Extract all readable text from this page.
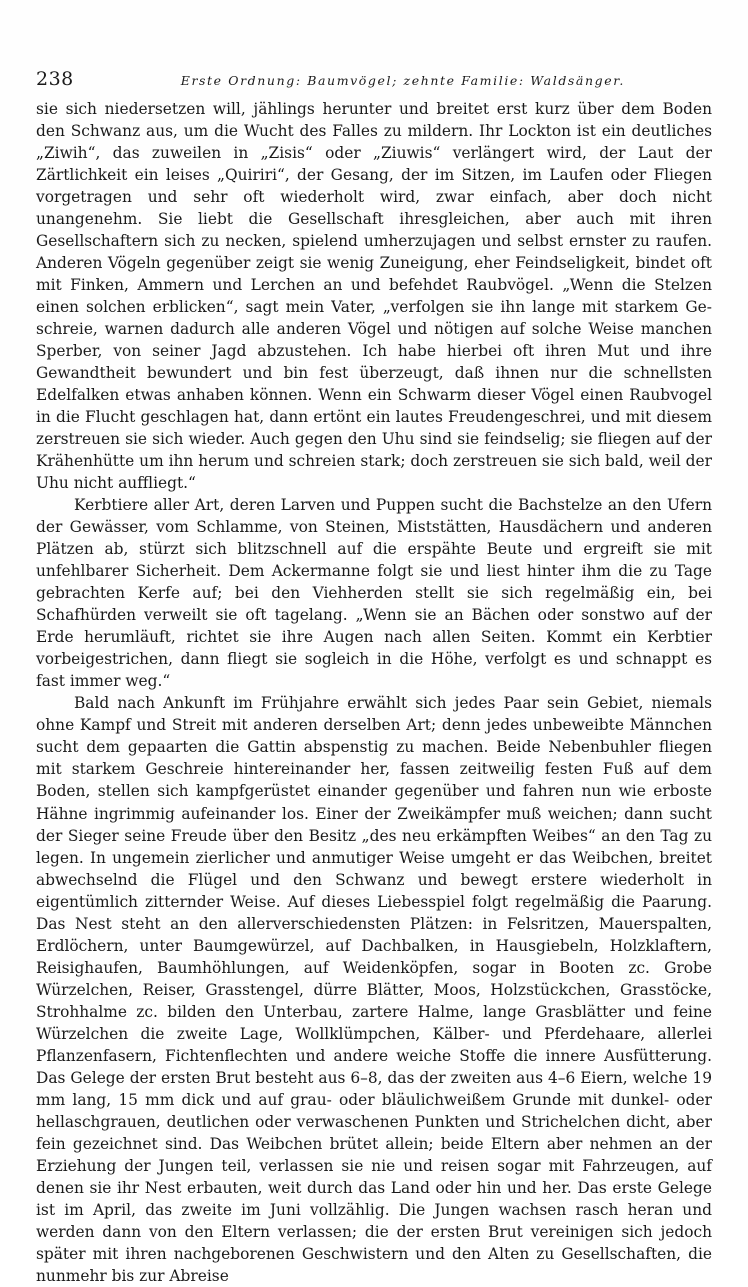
238	Erste Ordnung: Baumvögel; zehnte Familie: Waldsänger.

sie sich niedersetzen will, jählings herunter und breitet erst kurz über dem Boden den Schwanz aus, um die Wucht des Falles zu mildern. Ihr Lockton ist ein deutliches „Ziwih“, das zuweilen in „Zisis“ oder „Ziuwis“ verlängert wird, der Laut der Zärtlichkeit ein leises „Quiriri“, der Gesang, der im Sitzen, im Laufen oder Fliegen vorgetragen und sehr oft wiederholt wird, zwar einfach, aber doch nicht unangenehm. Sie liebt die Gesellschaft ihresgleichen, aber auch mit ihren Gesellschaftern sich zu necken, spielend umherzujagen und selbst ernster zu raufen. Anderen Vögeln gegenüber zeigt sie wenig Zuneigung, eher Feindseligkeit, bindet oft mit Finken, Ammern und Lerchen an und befehdet Raubvögel. „Wenn die Stelzen einen solchen erblicken“, sagt mein Vater, „verfolgen sie ihn lange mit starkem Geschreie, warnen dadurch alle anderen Vögel und nötigen auf solche Weise manchen Sperber, von seiner Jagd abzustehen. Ich habe hierbei oft ihren Mut und ihre Gewandtheit bewundert und bin fest überzeugt, daß ihnen nur die schnellsten Edelfalken etwas anhaben können. Wenn ein Schwarm dieser Vögel einen Raubvogel in die Flucht geschlagen hat, dann ertönt ein lautes Freudengeschrei, und mit diesem zerstreuen sie sich wieder. Auch gegen den Uhu sind sie feindselig; sie fliegen auf der Krähenhütte um ihn herum und schreien stark; doch zerstreuen sie sich bald, weil der Uhu nicht auffliegt.“

Kerbtiere aller Art, deren Larven und Puppen sucht die Bachstelze an den Ufern der Gewässer, vom Schlamme, von Steinen, Miststätten, Hausdächern und anderen Plätzen ab, stürzt sich blitzschnell auf die erspähte Beute und ergreift sie mit unfehlbarer Sicherheit. Dem Ackermanne folgt sie und liest hinter ihm die zu Tage gebrachten Kerfe auf; bei den Viehherden stellt sie sich regelmäßig ein, bei Schafhürden verweilt sie oft tagelang. „Wenn sie an Bächen oder sonstwo auf der Erde herumläuft, richtet sie ihre Augen nach allen Seiten. Kommt ein Kerbtier vorbeigestrichen, dann fliegt sie sogleich in die Höhe, verfolgt es und schnappt es fast immer weg.“

Bald nach Ankunft im Frühjahre erwählt sich jedes Paar sein Gebiet, niemals ohne Kampf und Streit mit anderen derselben Art; denn jedes unbeweibte Männchen sucht dem gepaarten die Gattin abspenstig zu machen. Beide Nebenbuhler fliegen mit starkem Geschreie hintereinander her, fassen zeitweilig festen Fuß auf dem Boden, stellen sich kampfgerüstet einander gegenüber und fahren nun wie erboste Hähne ingrimmig aufeinander los. Einer der Zweikämpfer muß weichen; dann sucht der Sieger seine Freude über den Besitz „des neu erkämpften Weibes“ an den Tag zu legen. In ungemein zierlicher und anmutiger Weise umgeht er das Weibchen, breitet abwechselnd die Flügel und den Schwanz und bewegt erstere wiederholt in eigentümlich zitternder Weise. Auf dieses Liebesspiel folgt regelmäßig die Paarung. Das Nest steht an den allerverschiedensten Plätzen: in Felsritzen, Mauerspalten, Erdlöchern, unter Baumgewürzel, auf Dachbalken, in Hausgiebeln, Holzklaftern, Reisighaufen, Baumhöhlungen, auf Weidenköpfen, sogar in Booten zc. Grobe Würzelchen, Reiser, Grasstengel, dürre Blätter, Moos, Holzstückchen, Grasstöcke, Strohhalme zc. bilden den Unterbau, zartere Halme, lange Grasblätter und feine Würzelchen die zweite Lage, Wollklümpchen, Kälber- und Pferdehaare, allerlei Pflanzenfasern, Fichtenflechten und andere weiche Stoffe die innere Ausfütterung. Das Gelege der ersten Brut besteht aus 6–8, das der zweiten aus 4–6 Eiern, welche 19 mm lang, 15 mm dick und auf grau- oder bläulichweißem Grunde mit dunkel- oder hellaschgrauen, deutlichen oder verwaschenen Punkten und Strichelchen dicht, aber fein gezeichnet sind. Das Weibchen brütet allein; beide Eltern aber nehmen an der Erziehung der Jungen teil, verlassen sie nie und reisen sogar mit Fahrzeugen, auf denen sie ihr Nest erbauten, weit durch das Land oder hin und her. Das erste Gelege ist im April, das zweite im Juni vollzählig. Die Jungen wachsen rasch heran und werden dann von den Eltern verlassen; die der ersten Brut vereinigen sich jedoch später mit ihren nachgeborenen Geschwistern und den Alten zu Gesellschaften, die nunmehr bis zur Abreise
